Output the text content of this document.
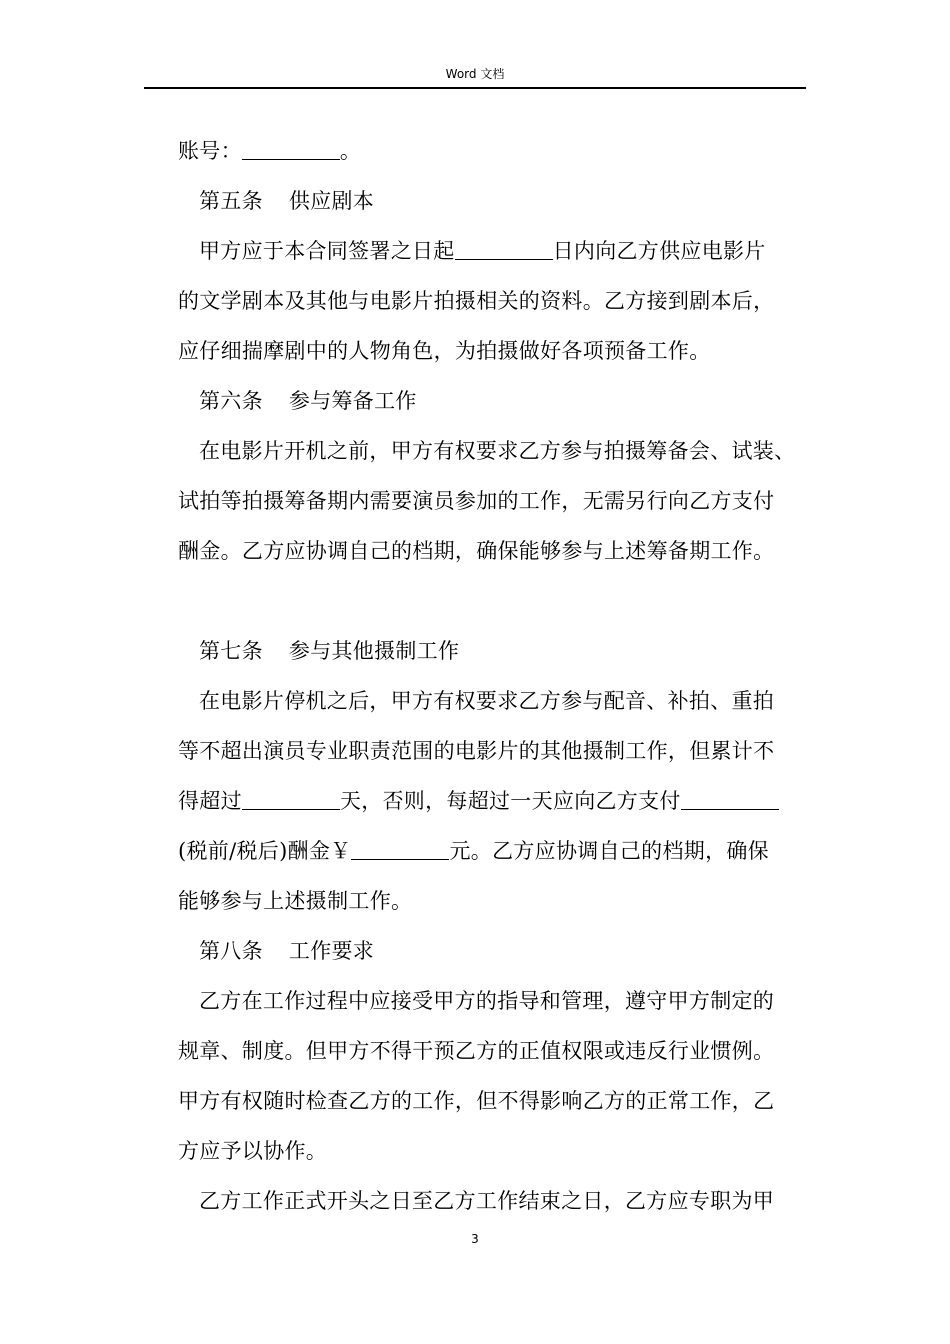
Word 文档
账号：	。
第五条 供应剧本
甲方应于本合同签署之日起	日内向乙方供应电影片
的文学剧本及其他与电影片拍摄相关的资料。乙方接到剧本后，
应仔细揣摩剧中的人物角色，为拍摄做好各项预备工作。
第六条 参与筹备工作
在电影片开机之前，甲方有权要求乙方参与拍摄筹备会、试装、
试拍等拍摄筹备期内需要演员参加的工作，无需另行向乙方支付
酬金。乙方应协调自己的档期，确保能够参与上述筹备期工作。
第七条 参与其他摄制工作
在电影片停机之后，甲方有权要求乙方参与配音、补拍、重拍
等不超出演员专业职责范围的电影片的其他摄制工作，但累计不
得超过	天，否则，每超过一天应向乙方支付
(税前/税后)酬金￥	元。乙方应协调自己的档期，确保
能够参与上述摄制工作。
第八条 工作要求
乙方在工作过程中应接受甲方的指导和管理，遵守甲方制定的
规章、制度。但甲方不得干预乙方的正值权限或违反行业惯例。
甲方有权随时检查乙方的工作，但不得影响乙方的正常工作，乙
方应予以协作。
乙方工作正式开头之日至乙方工作结束之日，乙方应专职为甲
3
